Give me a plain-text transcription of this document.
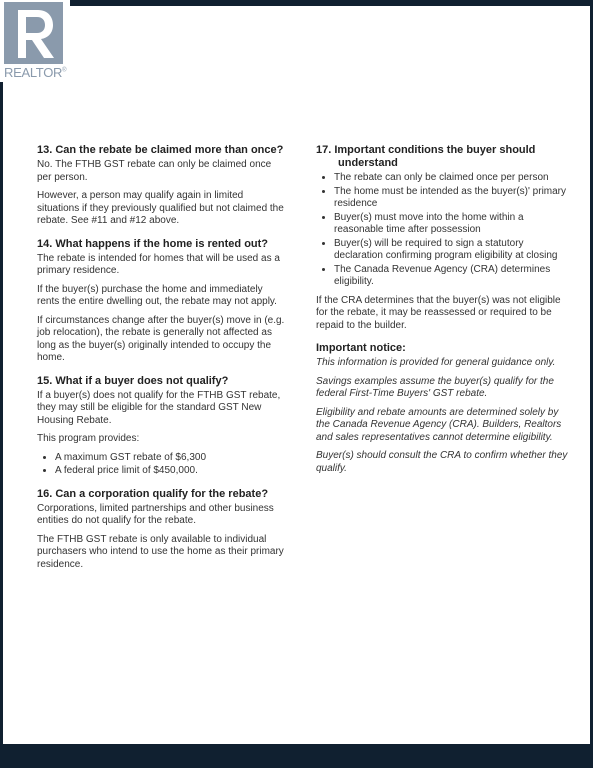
13. Can the rebate be claimed more than once?

No. The FTHB GST rebate can only be claimed once per person.

However, a person may qualify again in limited situations if they previously qualified but not claimed the rebate. See #11 and #12 above.

14. What happens if the home is rented out?

The rebate is intended for homes that will be used as a primary residence.

If the buyer(s) purchase the home and immediately rents the entire dwelling out, the rebate may not apply.

If circumstances change after the buyer(s) move in (e.g. job relocation), the rebate is generally not affected as long as the buyer(s) originally intended to occupy the home.

15. What if a buyer does not qualify?

If a buyer(s) does not qualify for the FTHB GST rebate, they may still be eligible for the standard GST New Housing Rebate.

This program provides:

• A maximum GST rebate of $6,300
• A federal price limit of $450,000.
16. Can a corporation qualify for the rebate?

Corporations, limited partnerships and other business entities do not qualify for the rebate.

The FTHB GST rebate is only available to individual purchasers who intend to use the home as their primary residence.

17. Important conditions the buyer should understand
• The rebate can only be claimed once per person
• The home must be intended as the buyer(s)' primary residence
• Buyer(s) must move into the home within a reasonable time after possession
• Buyer(s) will be required to sign a statutory declaration confirming program eligibility at closing
• The Canada Revenue Agency (CRA) determines eligibility.

If the CRA determines that the buyer(s) was not eligible for the rebate, it may be reassessed or required to be repaid to the builder.

Important notice:

This information is provided for general guidance only.

Savings examples assume the buyer(s) qualify for the federal First-Time Buyers' GST rebate.

Eligibility and rebate amounts are determined solely by the Canada Revenue Agency (CRA). Builders, Realtors and sales representatives cannot determine eligibility.

Buyer(s) should consult the CRA to confirm whether they qualify.

REALTOR®
